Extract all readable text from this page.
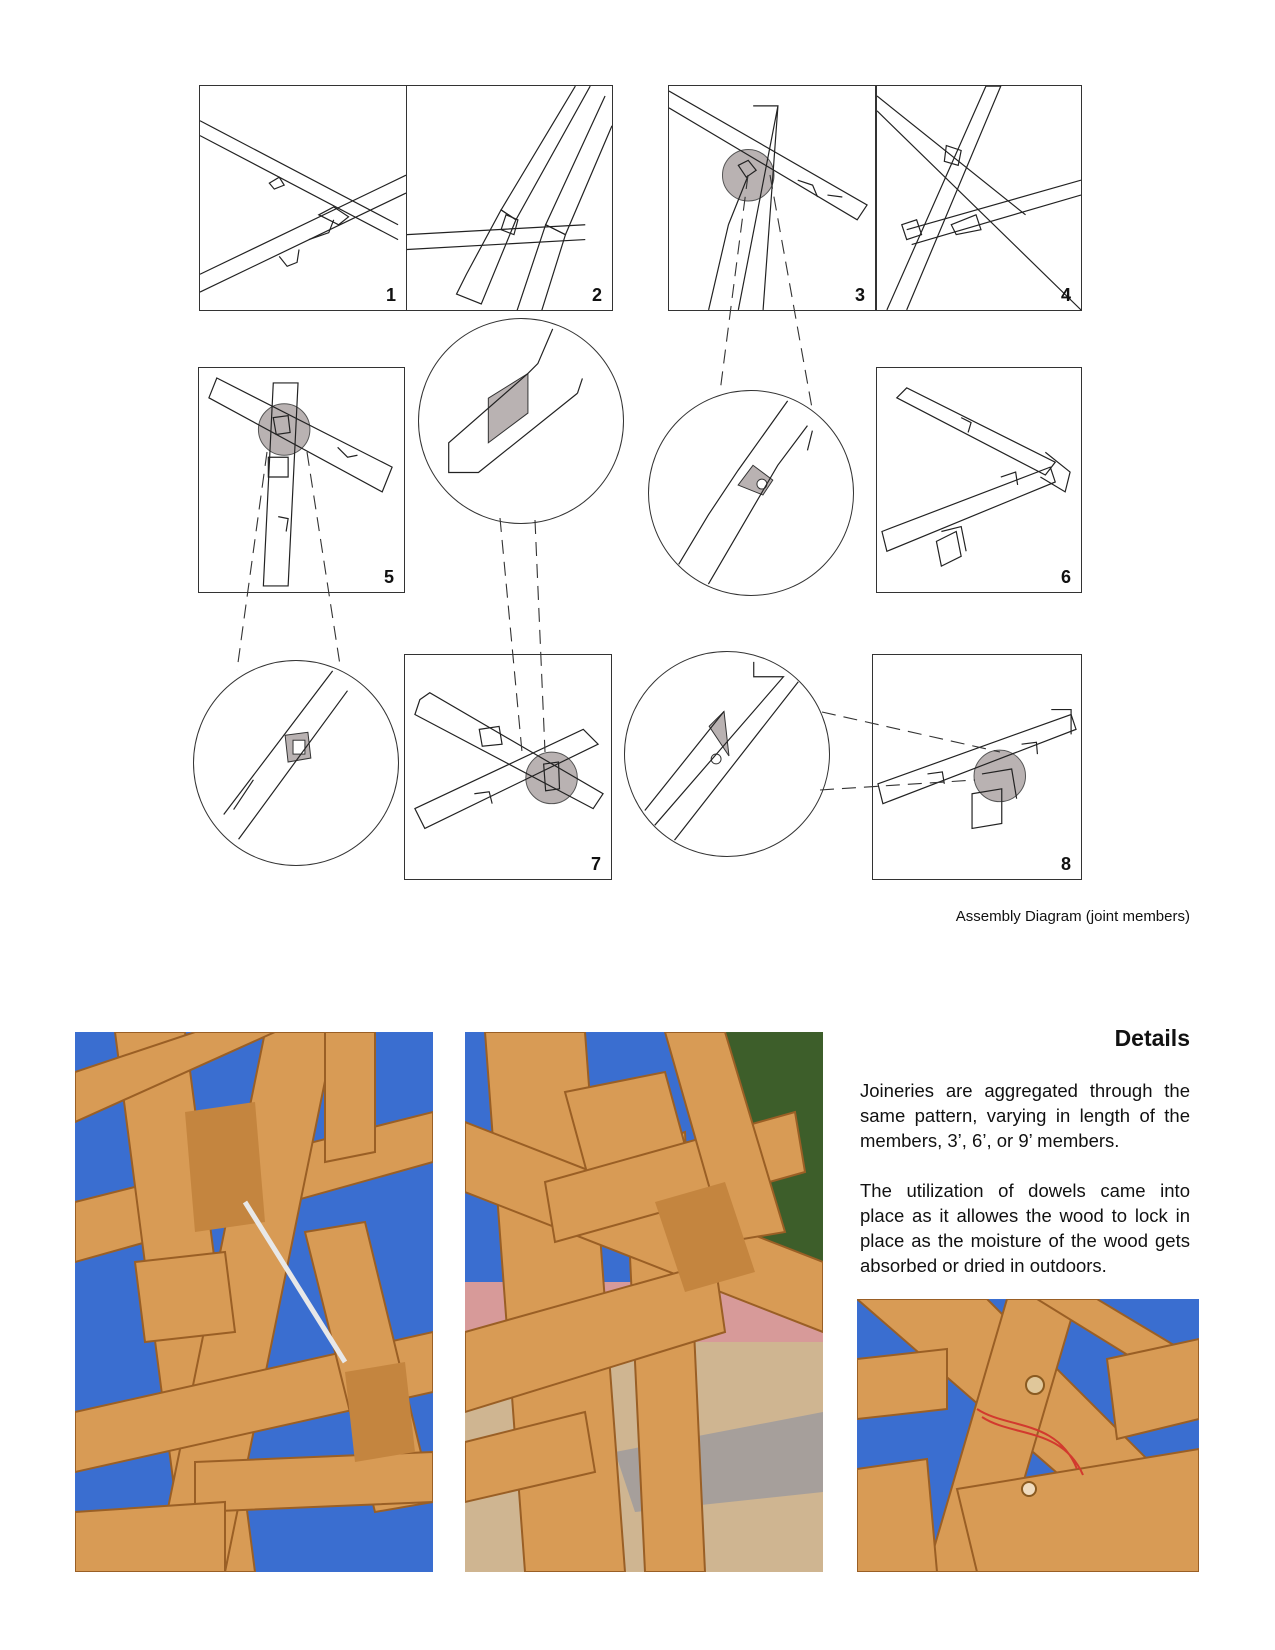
1	2	3	4
5	6
7	8
Assembly Diagram (joint members)
Details
Joineries are aggregated through the same pattern, varying in length of the members, 3’, 6’, or 9’ members.
The utilization of dowels came into place as it allowes the wood to lock in place as the moisture of the wood gets absorbed or dried in outdoors.
